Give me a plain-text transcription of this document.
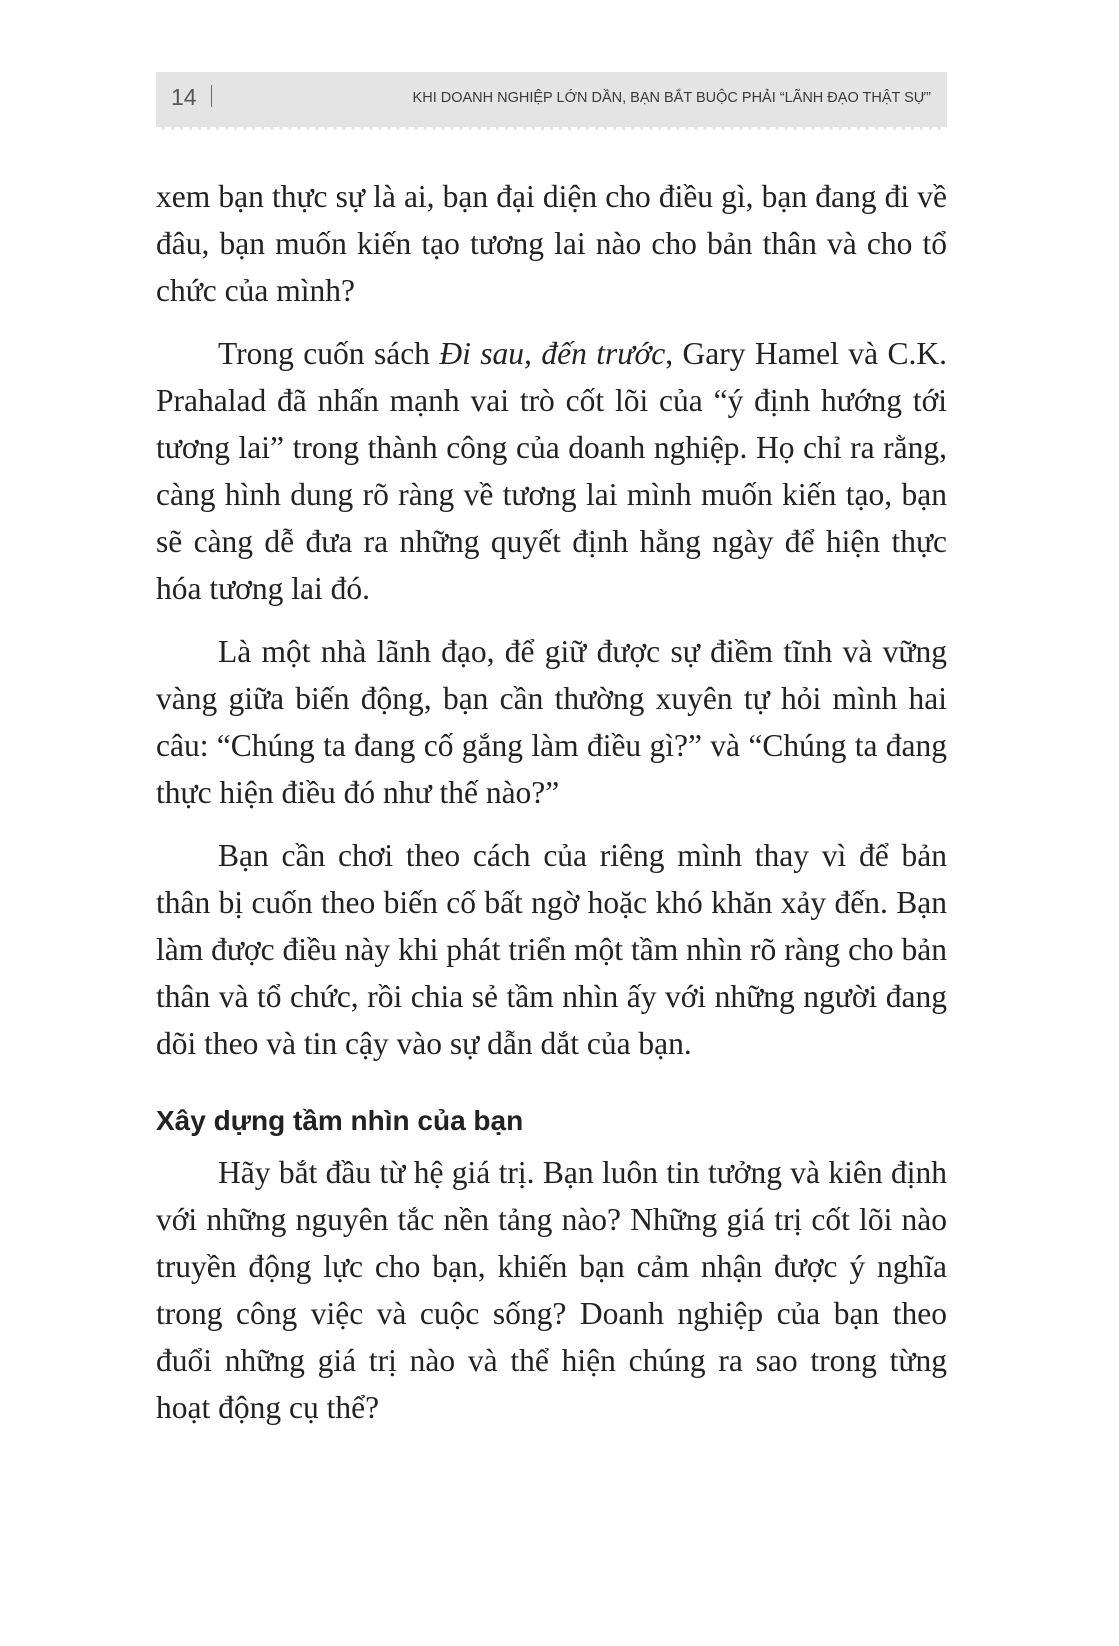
14	KHI DOANH NGHIỆP LỚN DẦN, BẠN BẮT BUỘC PHẢI “LÃNH ĐẠO THẬT SỰ”

xem bạn thực sự là ai, bạn đại diện cho điều gì, bạn đang đi về đâu, bạn muốn kiến tạo tương lai nào cho bản thân và cho tổ chức của mình?

Trong cuốn sách Đi sau, đến trước, Gary Hamel và C.K. Prahalad đã nhấn mạnh vai trò cốt lõi của “ý định hướng tới tương lai” trong thành công của doanh nghiệp. Họ chỉ ra rằng, càng hình dung rõ ràng về tương lai mình muốn kiến tạo, bạn sẽ càng dễ đưa ra những quyết định hằng ngày để hiện thực hóa tương lai đó.

Là một nhà lãnh đạo, để giữ được sự điềm tĩnh và vững vàng giữa biến động, bạn cần thường xuyên tự hỏi mình hai câu: “Chúng ta đang cố gắng làm điều gì?” và “Chúng ta đang thực hiện điều đó như thế nào?”

Bạn cần chơi theo cách của riêng mình thay vì để bản thân bị cuốn theo biến cố bất ngờ hoặc khó khăn xảy đến. Bạn làm được điều này khi phát triển một tầm nhìn rõ ràng cho bản thân và tổ chức, rồi chia sẻ tầm nhìn ấy với những người đang dõi theo và tin cậy vào sự dẫn dắt của bạn.

Xây dựng tầm nhìn của bạn

Hãy bắt đầu từ hệ giá trị. Bạn luôn tin tưởng và kiên định với những nguyên tắc nền tảng nào? Những giá trị cốt lõi nào truyền động lực cho bạn, khiến bạn cảm nhận được ý nghĩa trong công việc và cuộc sống? Doanh nghiệp của bạn theo đuổi những giá trị nào và thể hiện chúng ra sao trong từng hoạt động cụ thể?
